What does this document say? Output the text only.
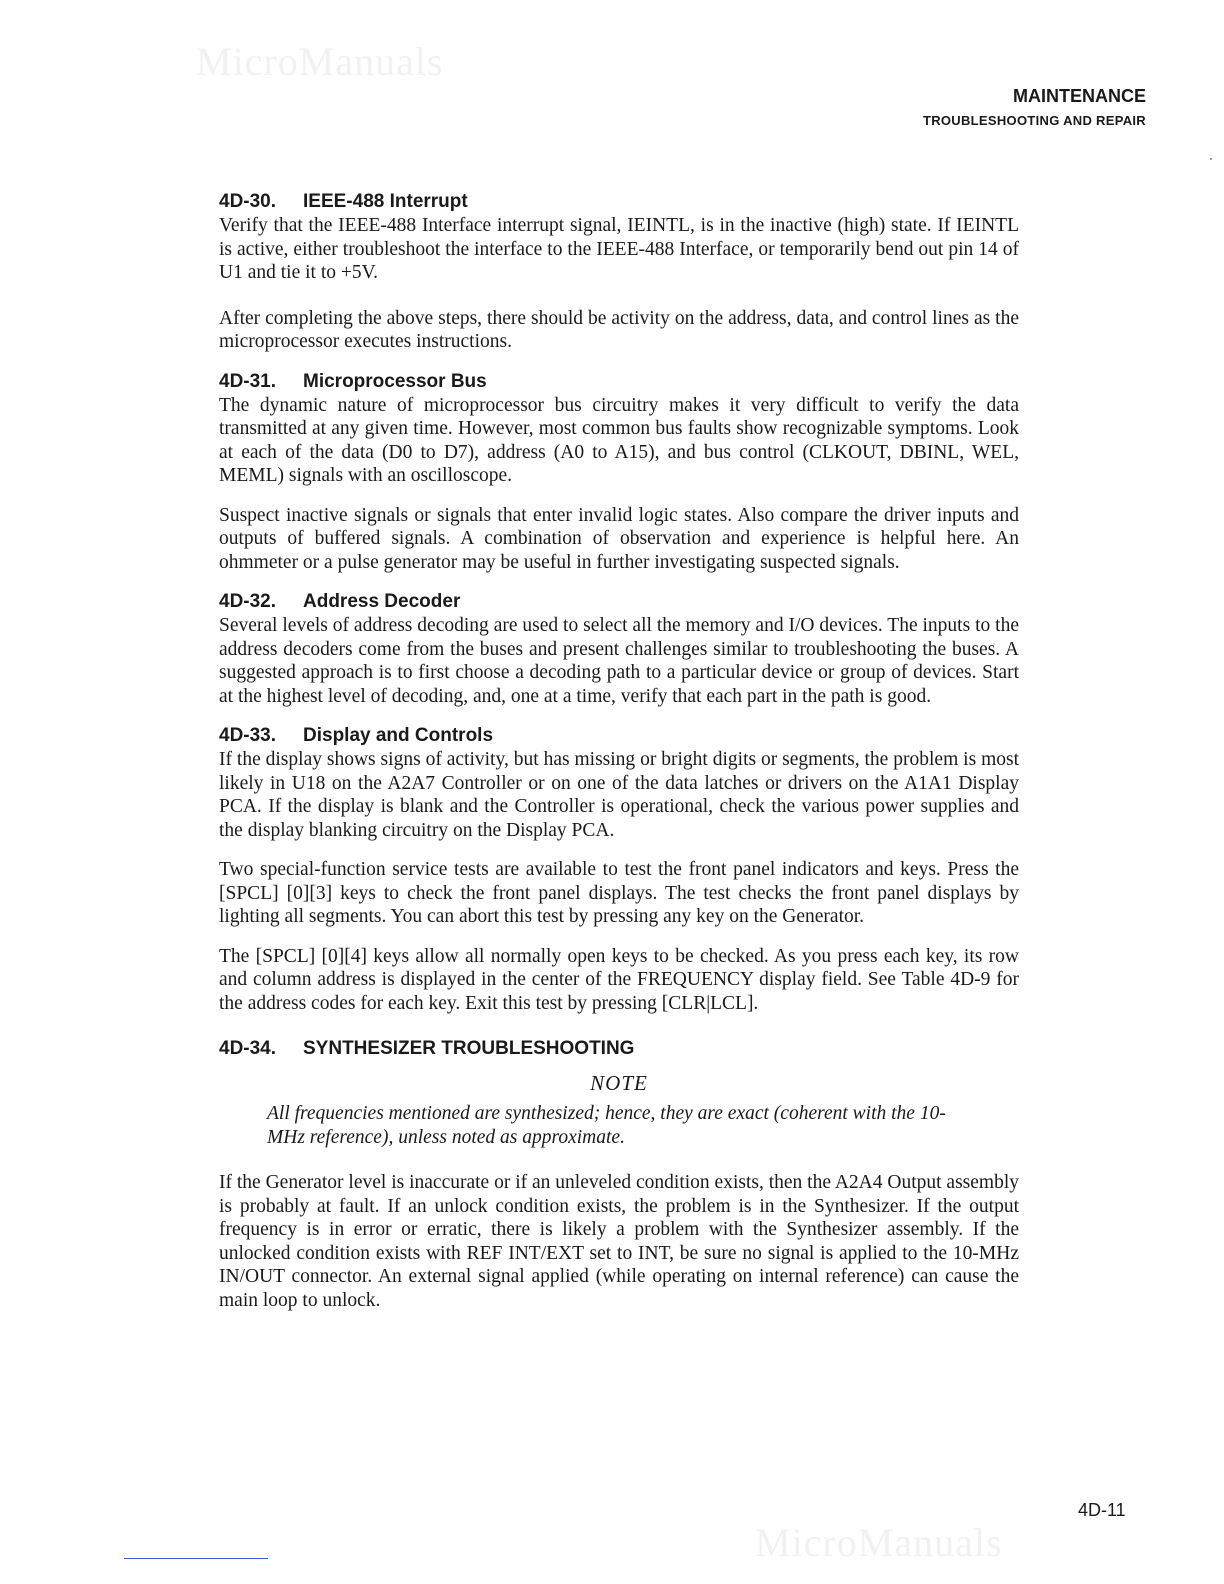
MicroManuals
MicroManuals
MAINTENANCE
TROUBLESHOOTING AND REPAIR
4D-30. IEEE-488 Interrupt

Verify that the IEEE-488 Interface interrupt signal, IEINTL, is in the inactive (high) state. If IEINTL is active, either troubleshoot the interface to the IEEE-488 Interface, or temporarily bend out pin 14 of U1 and tie it to +5V.

After completing the above steps, there should be activity on the address, data, and control lines as the microprocessor executes instructions.

4D-31. Microprocessor Bus

The dynamic nature of microprocessor bus circuitry makes it very difficult to verify the data transmitted at any given time. However, most common bus faults show recognizable symptoms. Look at each of the data (D0 to D7), address (A0 to A15), and bus control (CLKOUT, DBINL, WEL, MEML) signals with an oscilloscope.

Suspect inactive signals or signals that enter invalid logic states. Also compare the driver inputs and outputs of buffered signals. A combination of observation and experience is helpful here. An ohmmeter or a pulse generator may be useful in further investigating suspected signals.

4D-32. Address Decoder

Several levels of address decoding are used to select all the memory and I/O devices. The inputs to the address decoders come from the buses and present challenges similar to troubleshooting the buses. A suggested approach is to first choose a decoding path to a particular device or group of devices. Start at the highest level of decoding, and, one at a time, verify that each part in the path is good.

4D-33. Display and Controls

If the display shows signs of activity, but has missing or bright digits or segments, the problem is most likely in U18 on the A2A7 Controller or on one of the data latches or drivers on the A1A1 Display PCA. If the display is blank and the Controller is operational, check the various power supplies and the display blanking circuitry on the Display PCA.

Two special-function service tests are available to test the front panel indicators and keys. Press the [SPCL] [0][3] keys to check the front panel displays. The test checks the front panel displays by lighting all segments. You can abort this test by pressing any key on the Generator.

The [SPCL] [0][4] keys allow all normally open keys to be checked. As you press each key, its row and column address is displayed in the center of the FREQUENCY display field. See Table 4D-9 for the address codes for each key. Exit this test by pressing [CLR|LCL].

4D-34. SYNTHESIZER TROUBLESHOOTING
NOTE

All frequencies mentioned are synthesized; hence, they are exact (coherent with the 10-MHz reference), unless noted as approximate.

If the Generator level is inaccurate or if an unleveled condition exists, then the A2A4 Output assembly is probably at fault. If an unlock condition exists, the problem is in the Synthesizer. If the output frequency is in error or erratic, there is likely a problem with the Synthesizer assembly. If the unlocked condition exists with REF INT/EXT set to INT, be sure no signal is applied to the 10-MHz IN/OUT connector. An external signal applied (while operating on internal reference) can cause the main loop to unlock.

4D-11
